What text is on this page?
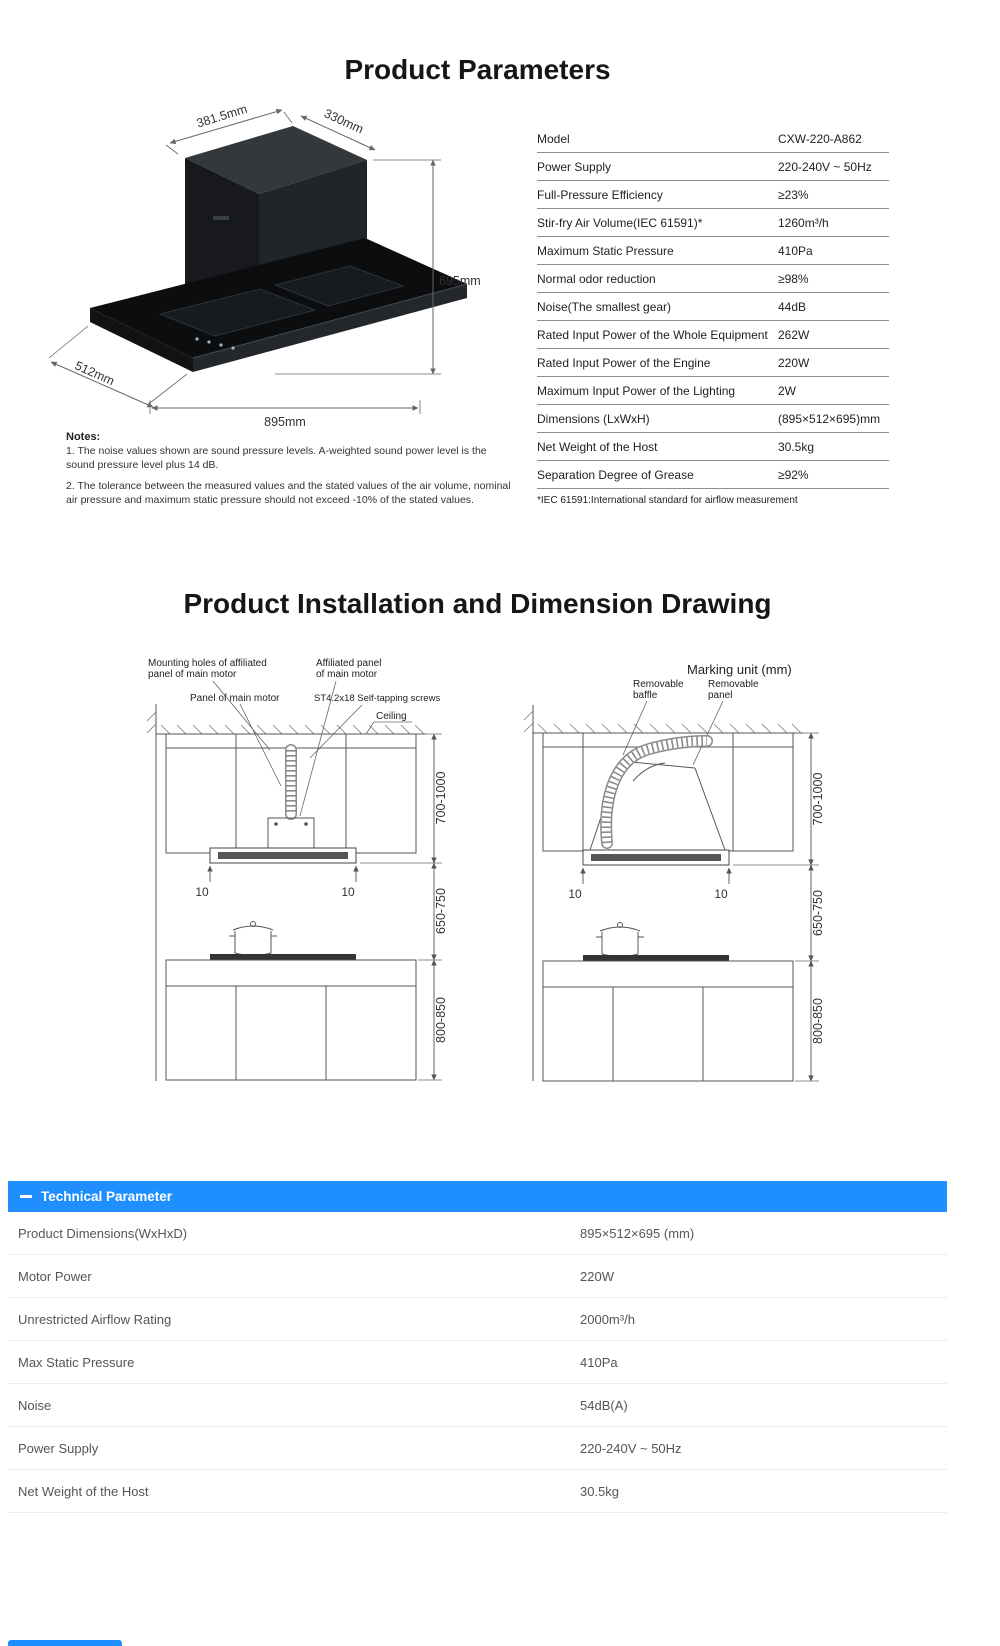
Product Parameters
381.5mm	330mm
695mm
512mm
895mm
Model	CXW-220-A862
Power Supply	220-240V ~ 50Hz
Full-Pressure Efficiency	≥23%
Stir-fry Air Volume(IEC 61591)*	1260m³/h
Maximum Static Pressure	410Pa
Normal odor reduction	≥98%
Noise(The smallest gear)	44dB
Rated Input Power of the Whole Equipment 262W
Rated Input Power of the Engine	220W
Maximum Input Power of the Lighting	2W
Dimensions (LxWxH)	(895×512×695)mm
Net Weight of the Host	30.5kg
Separation Degree of Grease	≥92%
*IEC 61591:International standard for airflow measurement
Notes:

1. The noise values shown are sound pressure levels. A-weighted sound power level is the sound pressure level plus 14 dB.

2. The tolerance between the measured values and the stated values of the air volume, nominal air pressure and maximum static pressure should not exceed -10% of the stated values.

Product Installation and Dimension Drawing
Marking unit (mm)
Mounting holes of affiliated
panel of main motor
Affiliated panel
of main motor
Panel of main motor	ST4.2x18 Self-tapping screws
Ceiling
10	10
700-1000
650-750
800-850
Removable
baffle
Removable
panel
10	10
700-1000
650-750
800-850
Technical Parameter
Product Dimensions(WxHxD)	895×512×695 (mm)
Motor Power	220W
Unrestricted Airflow Rating	2000m³/h
Max Static Pressure	410Pa
Noise	54dB(A)
Power Supply	220-240V ~ 50Hz
Net Weight of the Host	30.5kg
